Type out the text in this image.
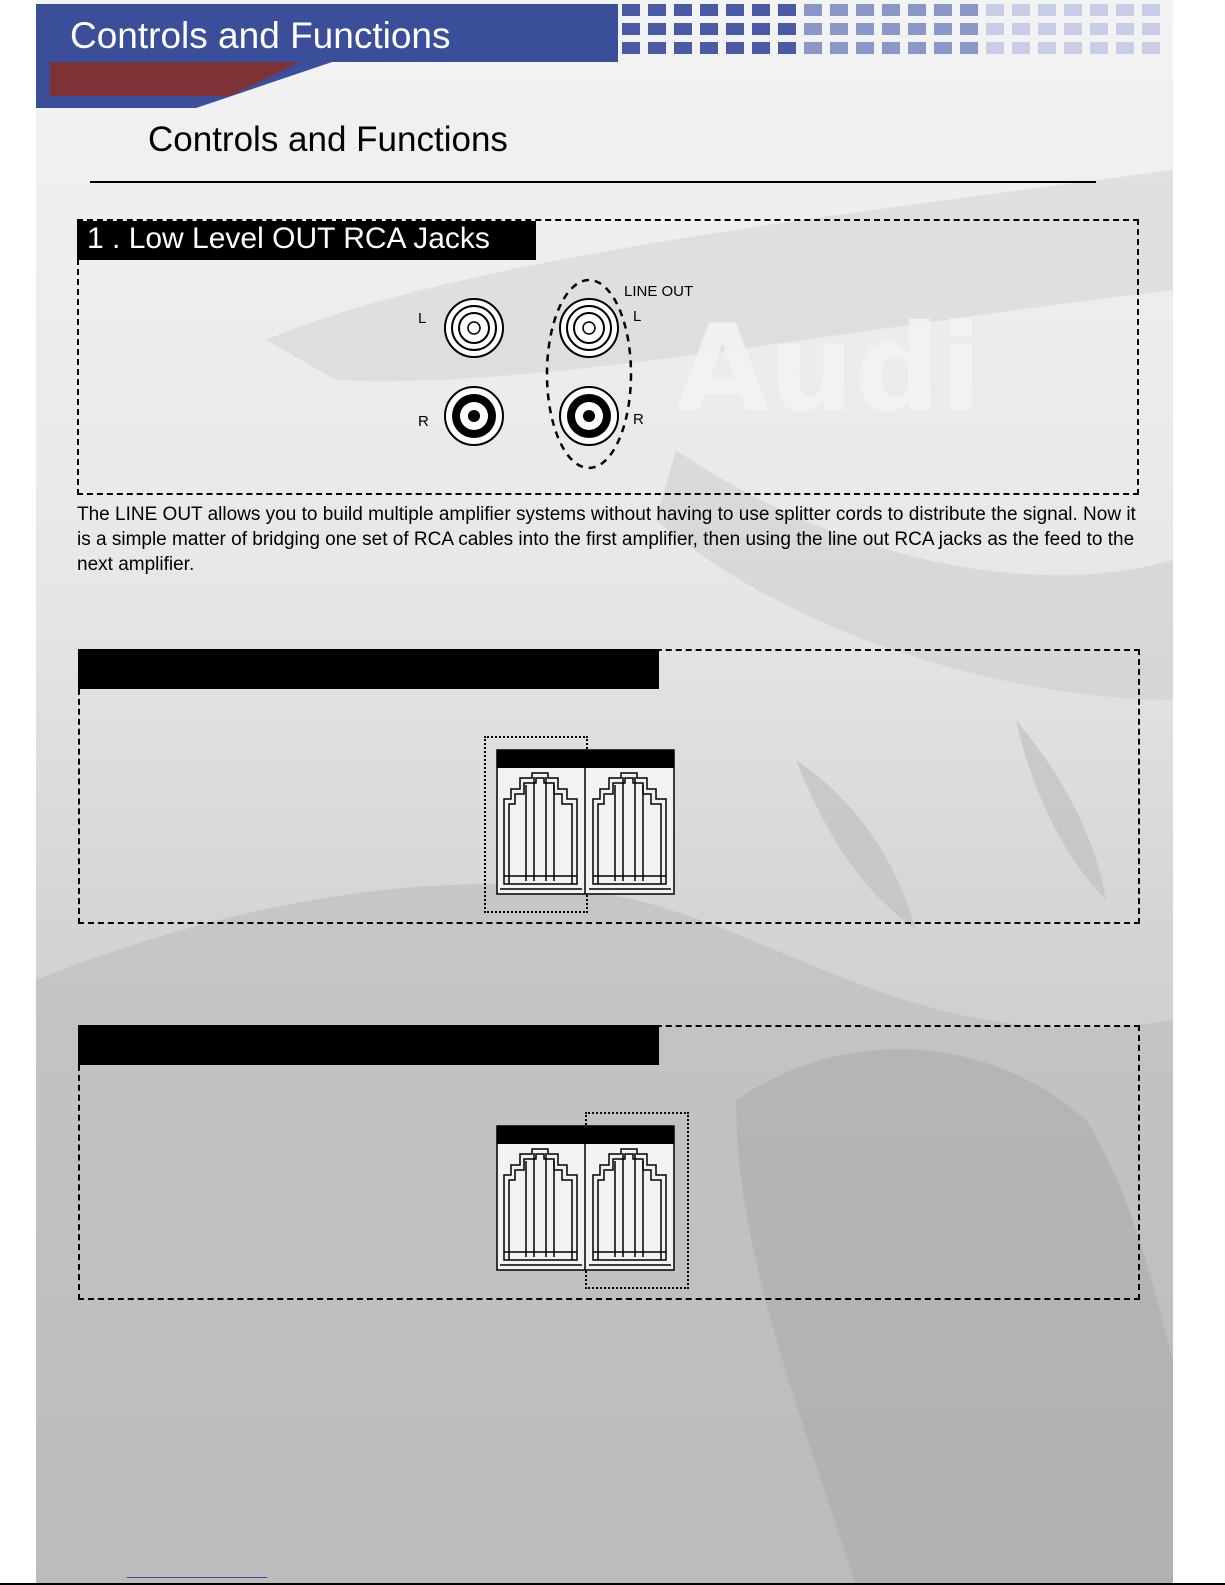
Audi
Controls and Functions
Controls and Functions
1 . Low Level OUT RCA Jacks
LINE OUT
L
R
L
R
The LINE OUT allows you to build multiple amplifier systems without having to use splitter cords to distribute the signal. Now it is a simple matter of bridging one set of RCA cables into the first amplifier, then using the line out RCA jacks as the feed to the next amplifier.
